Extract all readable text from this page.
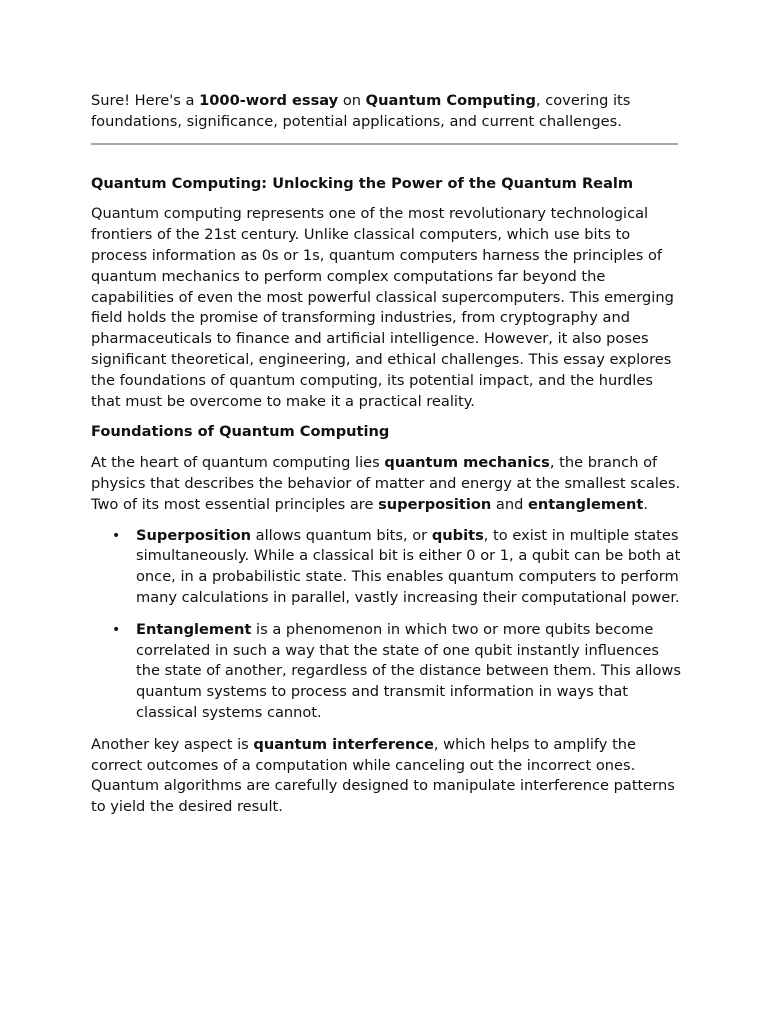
Sure! Here's a 1000-word essay on Quantum Computing, covering its foundations, significance, potential applications, and current challenges.

Quantum Computing: Unlocking the Power of the Quantum Realm

Quantum computing represents one of the most revolutionary technological frontiers of the 21st century. Unlike classical computers, which use bits to process information as 0s or 1s, quantum computers harness the principles of quantum mechanics to perform complex computations far beyond the capabilities of even the most powerful classical supercomputers. This emerging field holds the promise of transforming industries, from cryptography and pharmaceuticals to finance and artificial intelligence. However, it also poses significant theoretical, engineering, and ethical challenges. This essay explores the foundations of quantum computing, its potential impact, and the hurdles that must be overcome to make it a practical reality.

Foundations of Quantum Computing

At the heart of quantum computing lies quantum mechanics, the branch of physics that describes the behavior of matter and energy at the smallest scales. Two of its most essential principles are superposition and entanglement.

• Superposition allows quantum bits, or qubits, to exist in multiple states simultaneously. While a classical bit is either 0 or 1, a qubit can be both at once, in a probabilistic state. This enables quantum computers to perform many calculations in parallel, vastly increasing their computational power.
• Entanglement is a phenomenon in which two or more qubits become correlated in such a way that the state of one qubit instantly influences the state of another, regardless of the distance between them. This allows quantum systems to process and transmit information in ways that classical systems cannot.

Another key aspect is quantum interference, which helps to amplify the correct outcomes of a computation while canceling out the incorrect ones. Quantum algorithms are carefully designed to manipulate interference patterns to yield the desired result.
